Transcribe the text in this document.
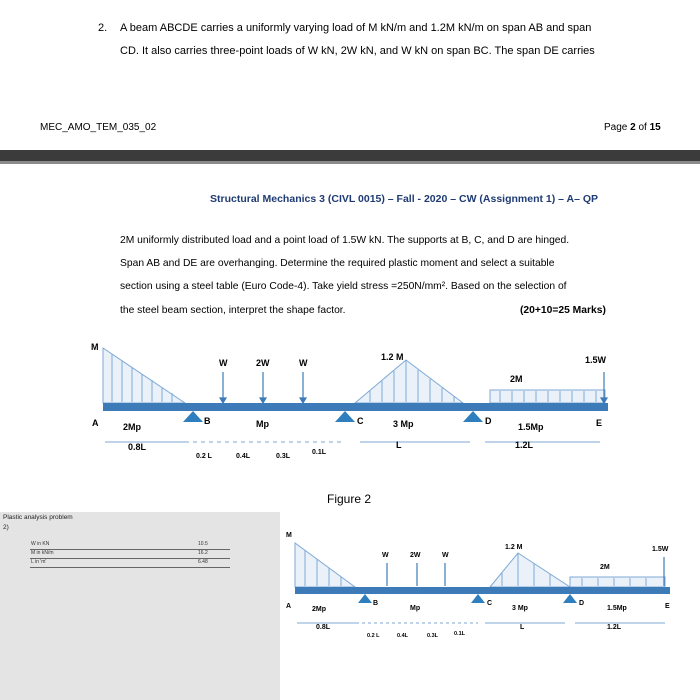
2. A beam ABCDE carries a uniformly varying load of M kN/m and 1.2M kN/m on span AB and span
CD. It also carries three-point loads of W kN, 2W kN, and W kN on span BC. The span DE carries
MEC_AMO_TEM_035_02	Page 2 of 15
Structural Mechanics 3 (CIVL 0015) – Fall - 2020 – CW (Assignment 1) – A– QP
2M uniformly distributed load and a point load of 1.5W kN. The supports at B, C, and D are hinged.
Span AB and DE are overhanging. Determine the required plastic moment and select a suitable
section using a steel table (Euro Code-4). Take yield stress =250N/mm². Based on the selection of
the steel beam section, interpret the shape factor.	(20+10=25 Marks)
M
W	2W	W
1.2 M
2M
1.5W
A	B	C	D	E
2Mp	Mp	3 Mp	1.5Mp
0.8L	L	1.2L
0.2 L	0.4L	0.3L
0.1L
Figure 2
Plastic analysis problem
2)
W in KN	10.5
M in kN/m	16.2
L in 'm'	6.48
M
W	2W	W
1.2 M
2M
1.5W
A	B	C	D	E
2Mp	Mp	3 Mp	1.5Mp
0.8L	L	1.2L
0.2 L	0.4L	0.3L	0.1L
